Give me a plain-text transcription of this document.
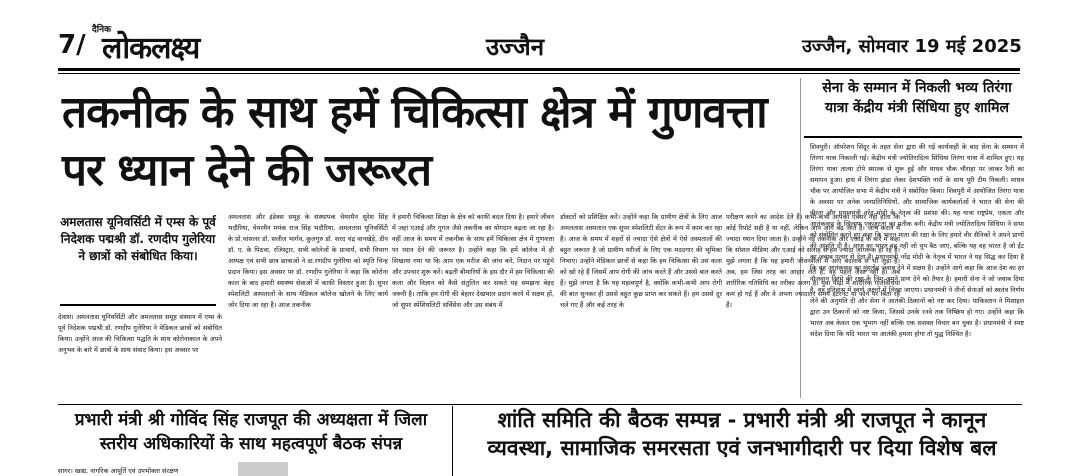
7/ दैनिक
लोकलक्ष्य	उज्जैन	उज्जैन, सोमवार 19 मई 2025
तकनीक के साथ हमें चिकित्सा क्षेत्र में गुणवत्ता पर ध्यान देने की जरूरत
सेना के सम्मान में निकली भव्य तिरंगा यात्रा केंद्रीय मंत्री सिंधिया हुए शामिल
शिवपुरी। ऑपरेशन सिंदूर के तहत सेना द्वारा की गई कार्यवाही के बाद सेना के सम्मान में तिरंगा यात्रा निकाली गई। केंद्रीय मंत्री ज्योतिरादित्य सिंधिया तिरंगा यात्रा में शामिल हुए। यह तिरंगा यात्रा तात्या टोपे स्मारक से शुरू हुई और माधव चौक चौराहा पर जाकर रैली का समापन हुआ। हाथ में तिरंगा झंडा लेकर देशभक्ति नारों के साथ पूरी टीम निकली। माधव चौक पर आयोजित सभा में केंद्रीय मंत्री ने संबोधित किया। शिवपुरी में आयोजित तिरंगा यात्रा के अवसर पर अनेक जनप्रतिनिधियों, और सामाजिक कार्यकर्ताओं ने भारत की सेना की वीरता और प्रधानमंत्री नरेंद्र मोदी के नेतृत्व की प्रशंसा की। यह यात्रा राष्ट्रप्रेम, एकता और आतंकवाद के खिलाफ एकजुटता का प्रतीक बनी। केंद्रीय मंत्री ज्योतिरादित्य सिंधिया ने सभा को संबोधित करते हुए कहा कि भारत माता की रक्षा के लिए हमारे वीर सैनिकों ने अपने प्राणों की आहुति दी है। आज का भारत वह नहीं जो चुप बैठ जाए, बल्कि यह वह भारत है जो ईंट का जवाब पत्थर से देता है। प्रधानमंत्री नरेंद्र मोदी के नेतृत्व में भारत ने यह सिद्ध कर दिया है कि वह आतंकवाद का मुंहतोड़ जवाब देने में सक्षम है। उन्होंने आगे कहा कि आज देश का हर नौजवान तिरंगे की रक्षा के लिए अपने प्राण देने को तैयार है। हमारी सेना ने जो जवाब दिया है, वह इतिहास में स्वर्ण अक्षरों में लिखा जाएगा। प्रधानमंत्री ने तीनों सेनाओं को स्वतंत्र निर्णय लेने की अनुमति दी और सेना ने आतंकी ठिकानों को नष्ट कर दिया। पाकिस्तान ने मिसाइल द्वारा उन ठिकानों को नष्ट किया, जिससे उनके रनवे तक निष्क्रिय हो गए। उन्होंने कहा कि भारत अब केवल एक भूभाग नहीं बल्कि एक सशक्त विचार बन चुका है। प्रधानमंत्री ने स्पष्ट संदेश दिया कि यदि भारत पर आतंकी हमला होगा तो युद्ध निश्चित है।
अमलतास यूनिवर्सिटी में एम्स के पूर्व निदेशक पद्मश्री डॉ. रणदीप गुलेरिया ने छात्रों को संबोधित किया।
देवास। अमलतास यूनिवर्सिटी और अमलतास समूह संस्थान में एम्स के पूर्व निदेशक पद्मश्री डॉ. रणदीप गुलेरिया ने मेडिकल छात्रों को संबोधित किया। उन्होंने आज की चिकित्सा पद्धति के साथ कोरोनाकाल के अपने अनुभव के बारे में छात्रों के साथ संवाद किया। इस अवसर पर
अमलतास और इंडेक्स समूह के संस्थापक चेयरमैन सुरेश सिंह भदौरिया, चेयरमैन मयंक राज सिंह भदौरिया, अमलतास यूनिवर्सिटी के प्रो.चांसलर डॉ. सलील भार्गव, कुलगुरु डॉ. शरद चंद्र वानखेड़े, डीन डॉ. ए. के पिठवा, रजिस्ट्रार, सभी कॉलेजों के प्राचार्य, सभी विभाग अध्यक्ष एवं सभी छात्र छात्राओं ने डा.रणदीप गुलेरिया को स्मृति चिन्ह प्रदान किया। इस अवसर पर डॉ. रणदीप गुलेरिया ने कहा कि कोरोना काल के बाद हमारी स्वास्थ्य सेवाओं में काफी विस्तार हुआ है। सुपर स्पेशलिटी अस्पतालों के साथ मेडिकल कॉलेज खोलने के लिए कार्य जोर दिया जा रहा है। आज तकनीक
ने हमारी चिकित्सा शिक्षा के क्षेत्र को काफी बदल दिया है। हमारे जीवन में जहां एआई और गूगल जैसे तकनीक का योगदान बढ़ता जा रहा है। वहीं आज के समय में तकनीक के साथ हमें चिकित्सा क्षेत्र में गुणवत्ता पर ध्यान देने की जरूरत है। उन्होंने कहा कि हमें कॉलेज में ही सिखाया गया था कि आप एक मरीज की जांच करें, निदान पर पहुंचे और उपचार शुरू करें। बढ़ती बीमारियों के इस दौर में हम चिकित्सा की कला और विज्ञान को कैसे संतुलित कर सकते यह समझना बेहद जरूरी है। ताकि हम रोगी की बेहतर देखभाल प्रदान करने में सक्षम हों, जो सुपर स्पेशियलिटी सर्विसेस और उस संबंध में
डॉक्टरों को प्रशिक्षित करें। उन्होंने कहा कि ग्रामीण क्षेत्रों के लिए आज अमलतास अस्पताल एक सुपर स्पेशलिटी सेंटर के रूप में काम कर रहा है। आज के समय में शहरों से ज्यादा ऐसे क्षेत्रों में ऐसे अस्पतालों की बहुत जरूरत है जो ग्रामीण मरीजों के लिए एक मददगार की भूमिका निभाए। उन्होंने मेडिकल छात्रों से कहा कि हम चिकित्सा की उस कला को खो रहे हैं जिसमें आप रोगी की जांच करते हैं और उससे बात करते हैं। मुझे लगता है कि यह महत्वपूर्ण है, क्योंकि कभी-कभी आप रोगी की बात सुनकर ही उससे बहुत कुछ प्राप्त कर सकते हैं। हम उससे दूर चले गए हैं और कई तरह के
परीक्षण करने का आदेश देते हैं। कभी-कभी आपको एक्सरे नहीं होता कि कोई रिपोर्ट सही है या नहीं, लेकिन आप आगे बढ़ जाते हैं। जांच कराने में ज्यादा ध्यान दिया जाता है। उन्होंने नई तकनीक और एआई के बारे में कहा कि सोशल मीडिया और एआई को सलाह से हम ज्यादा जागरूक हो रहे हैं। मुझे लगता है कि यह हमारी जीवनशैली में आए बदलाव से भी जुड़ा है। अब, हम जिस तरह का आहार लेते हैं, वह पहले जैसा नहीं है। अब शारीरिक गतिविधि का तरीका अलग है। युवा पीढ़ी में शारीरिक गतिविधियां कम हो गई हैं और वे अपना ज्यादातर समय इंटरनेट या फोन पर बिता रहे हैं।
प्रभारी मंत्री श्री गोविंद सिंह राजपूत की अध्यक्षता में जिला स्तरीय अधिकारियों के साथ महत्वपूर्ण बैठक संपन्न
सागर। खाद्य, नागरिक आपूर्ति एवं उपभोक्ता संरक्षण
शांति समिति की बैठक सम्पन्न - प्रभारी मंत्री श्री राजपूत ने कानून व्यवस्था, सामाजिक समरसता एवं जनभागीदारी पर दिया विशेष बल
